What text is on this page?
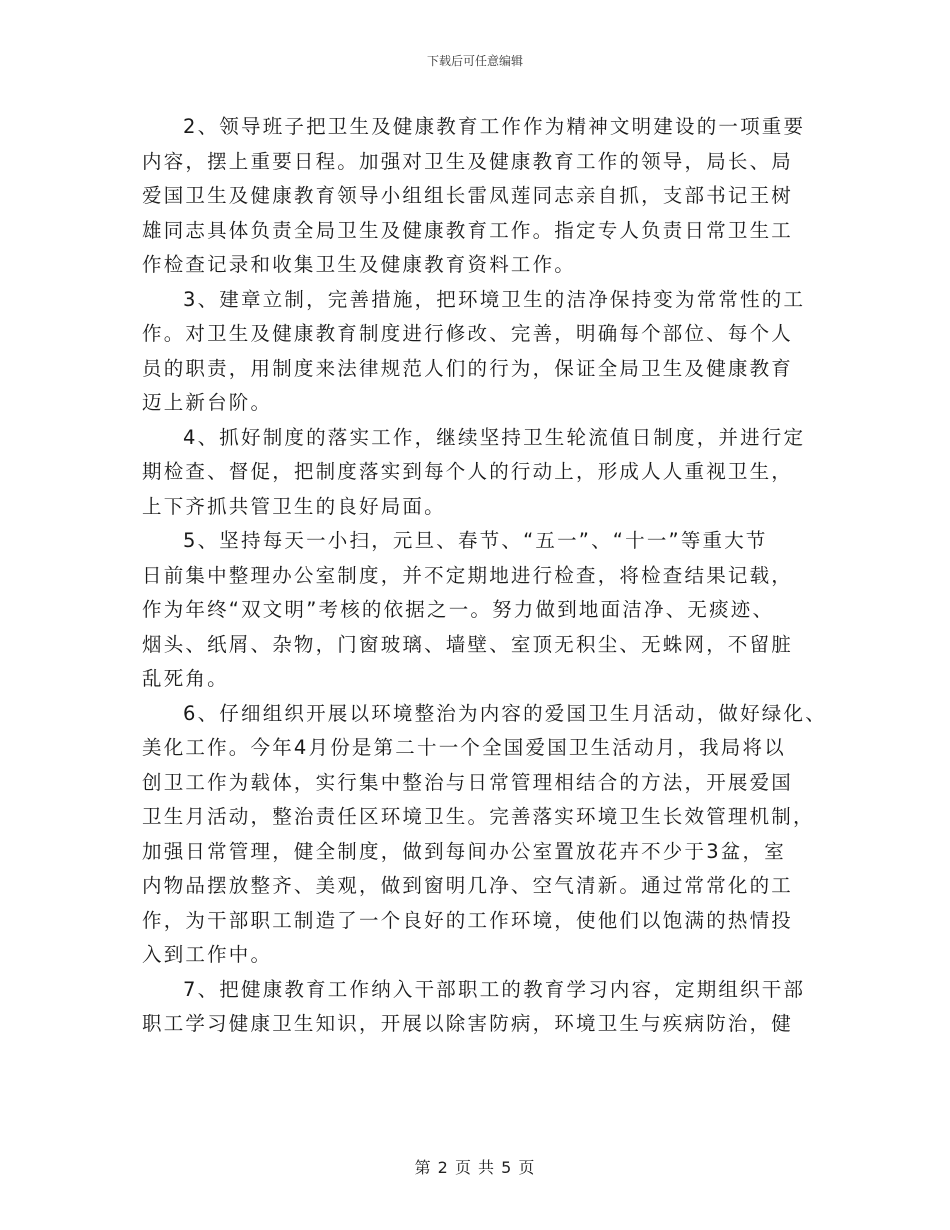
下载后可任意编辑
2、领导班子把卫生及健康教育工作作为精神文明建设的一项重要
内容，摆上重要日程。加强对卫生及健康教育工作的领导，局长、局
爱国卫生及健康教育领导小组组长雷凤莲同志亲自抓，支部书记王树
雄同志具体负责全局卫生及健康教育工作。指定专人负责日常卫生工
作检查记录和收集卫生及健康教育资料工作。
3、建章立制，完善措施，把环境卫生的洁净保持变为常常性的工
作。对卫生及健康教育制度进行修改、完善，明确每个部位、每个人
员的职责，用制度来法律规范人们的行为，保证全局卫生及健康教育
迈上新台阶。
4、抓好制度的落实工作，继续坚持卫生轮流值日制度，并进行定
期检查、督促，把制度落实到每个人的行动上，形成人人重视卫生，
上下齐抓共管卫生的良好局面。
5、坚持每天一小扫，元旦、春节、“五一”、“十一”等重大节
日前集中整理办公室制度，并不定期地进行检查，将检查结果记载，
作为年终“双文明”考核的依据之一。努力做到地面洁净、无痰迹、
烟头、纸屑、杂物，门窗玻璃、墙壁、室顶无积尘、无蛛网，不留脏
乱死角。
6、仔细组织开展以环境整治为内容的爱国卫生月活动，做好绿化、
美化工作。今年4月份是第二十一个全国爱国卫生活动月，我局将以
创卫工作为载体，实行集中整治与日常管理相结合的方法，开展爱国
卫生月活动，整治责任区环境卫生。完善落实环境卫生长效管理机制，
加强日常管理，健全制度，做到每间办公室置放花卉不少于3盆，室
内物品摆放整齐、美观，做到窗明几净、空气清新。通过常常化的工
作，为干部职工制造了一个良好的工作环境，使他们以饱满的热情投
入到工作中。
7、把健康教育工作纳入干部职工的教育学习内容，定期组织干部
职工学习健康卫生知识，开展以除害防病，环境卫生与疾病防治，健
第 2 页 共 5 页
